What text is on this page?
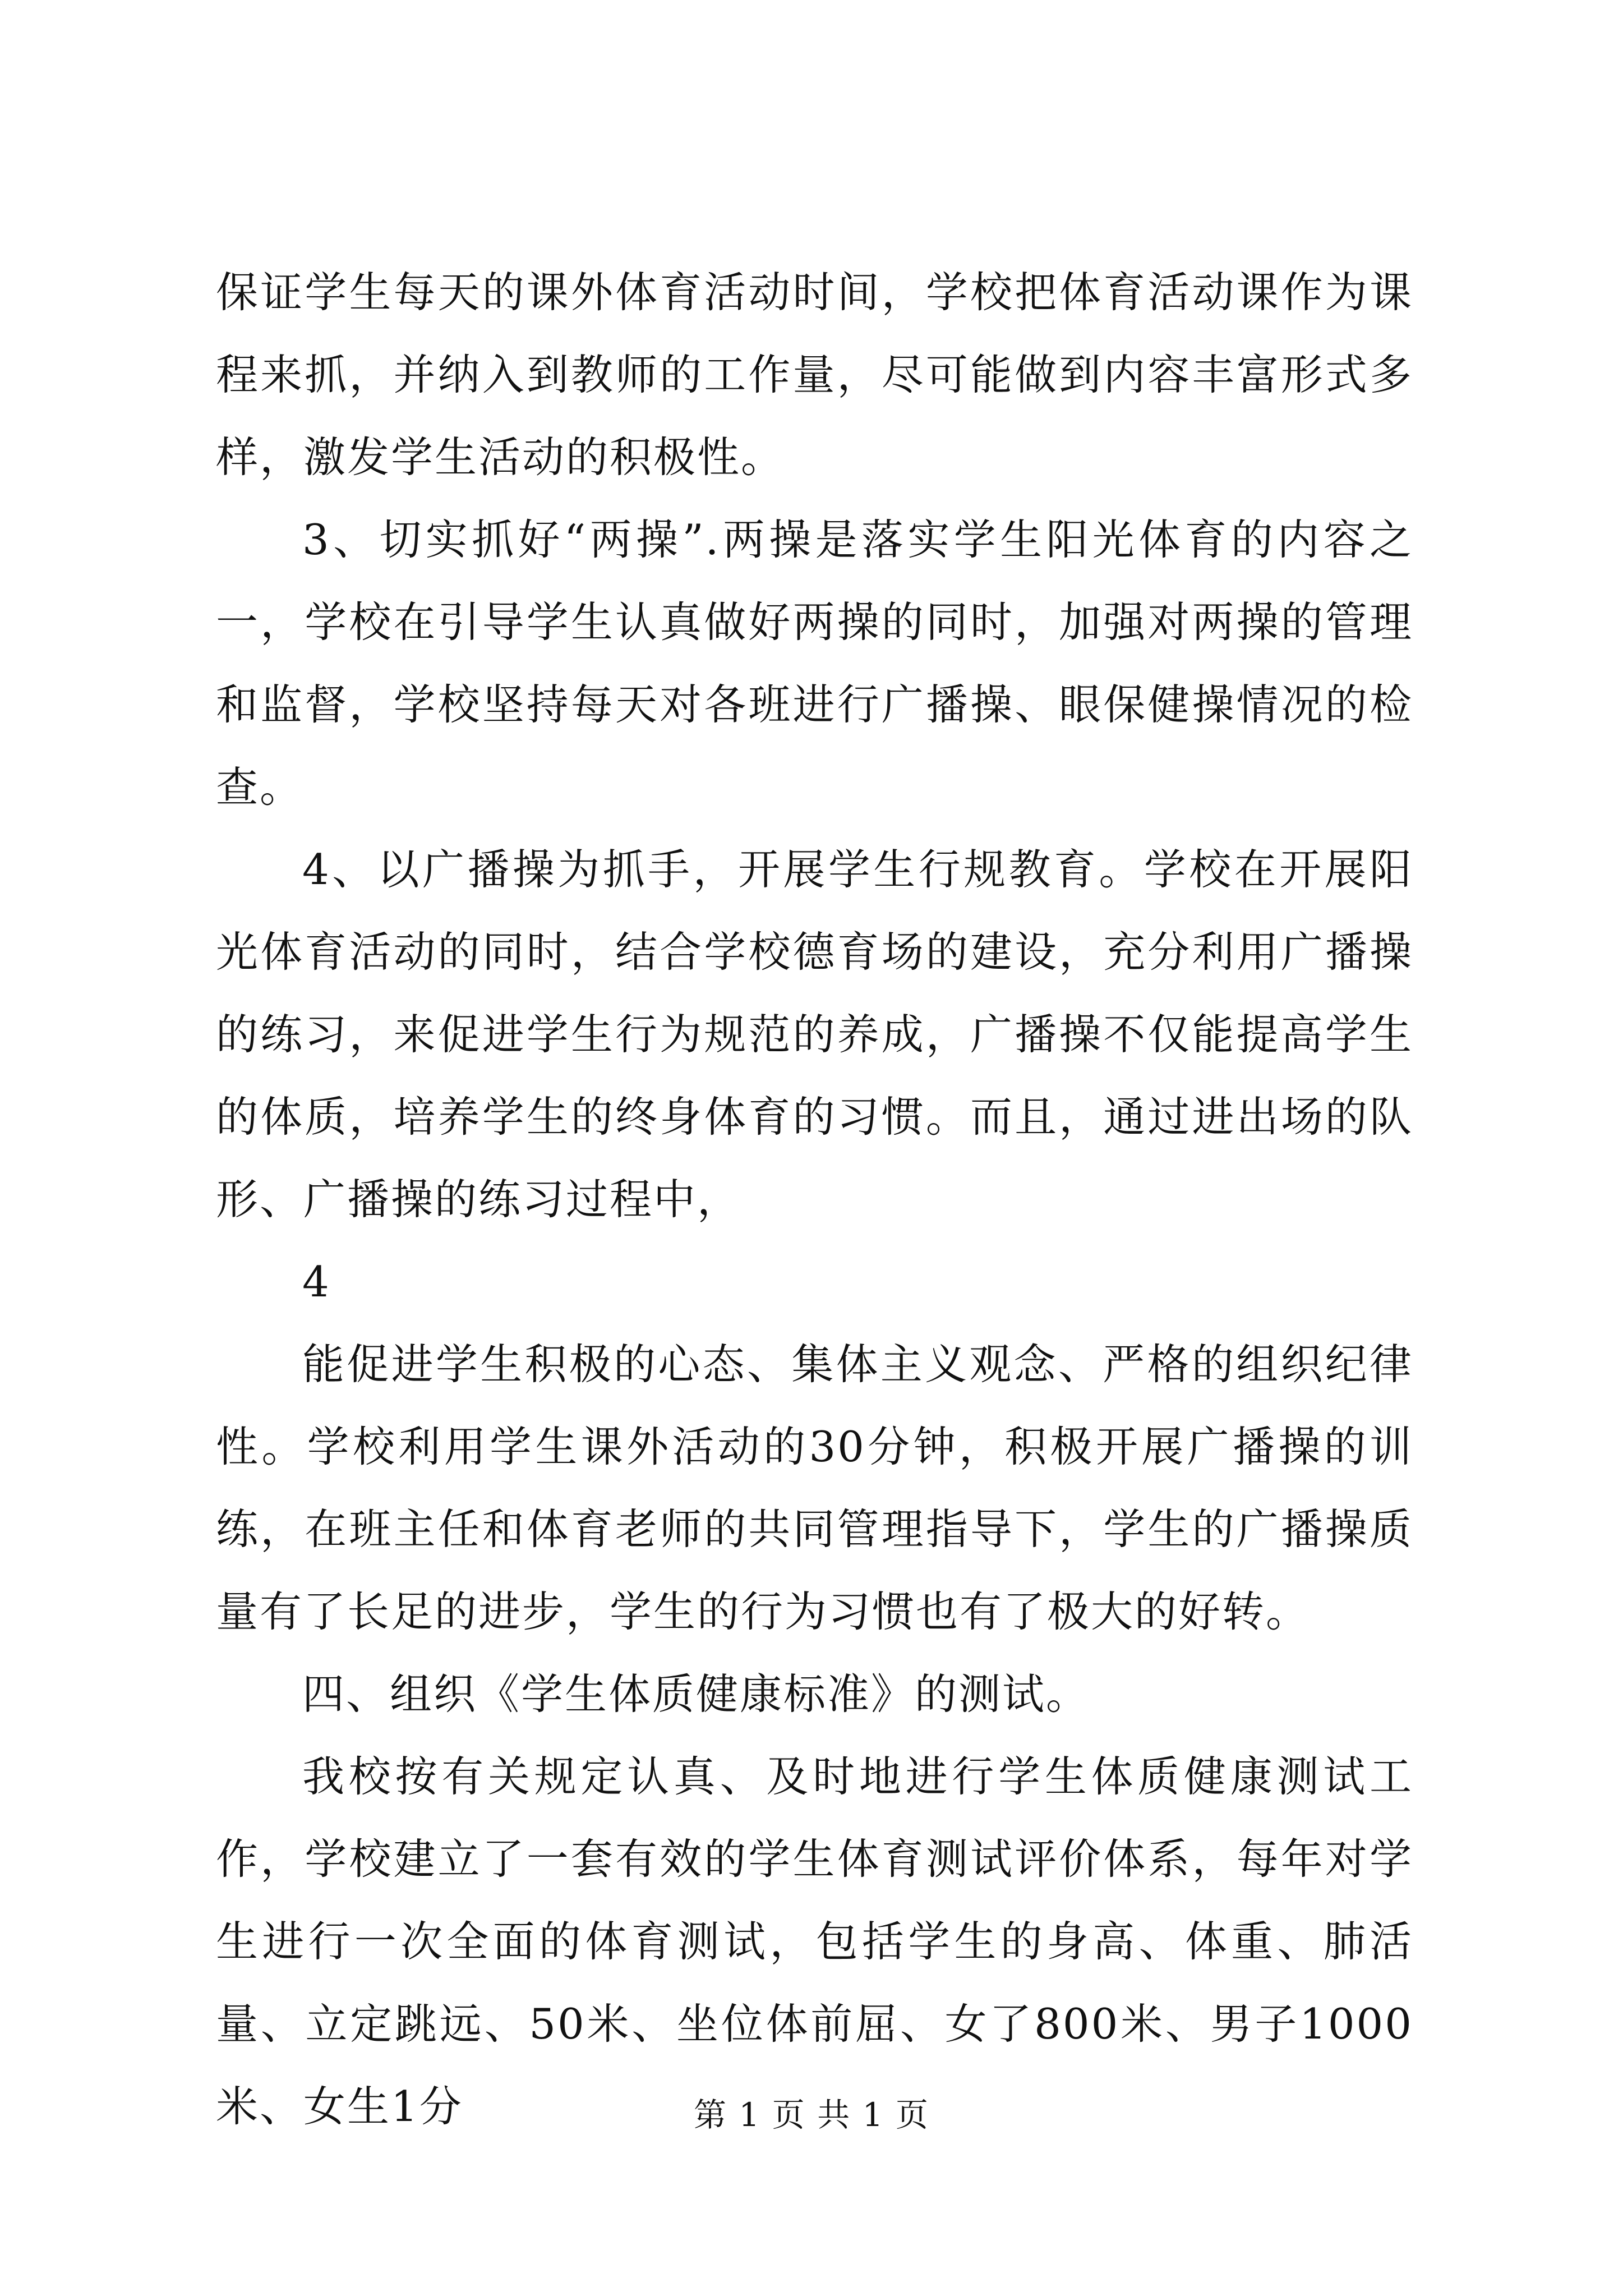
保证学生每天的课外体育活动时间，学校把体育活动课作为课程来抓，并纳入到教师的工作量，尽可能做到内容丰富形式多样，激发学生活动的积极性。

3、切实抓好“两操”.两操是落实学生阳光体育的内容之一，学校在引导学生认真做好两操的同时，加强对两操的管理和监督，学校坚持每天对各班进行广播操、眼保健操情况的检查。

4、以广播操为抓手，开展学生行规教育。学校在开展阳光体育活动的同时，结合学校德育场的建设，充分利用广播操的练习，来促进学生行为规范的养成，广播操不仅能提高学生的体质，培养学生的终身体育的习惯。而且，通过进出场的队形、广播操的练习过程中，

4

能促进学生积极的心态、集体主义观念、严格的组织纪律性。学校利用学生课外活动的30分钟，积极开展广播操的训练，在班主任和体育老师的共同管理指导下，学生的广播操质量有了长足的进步，学生的行为习惯也有了极大的好转。

四、组织《学生体质健康标准》的测试。

我校按有关规定认真、及时地进行学生体质健康测试工作，学校建立了一套有效的学生体育测试评价体系，每年对学生进行一次全面的体育测试，包括学生的身高、体重、肺活量、立定跳远、50米、坐位体前屈、女了800米、男子1000米、女生1分	第 1 页 共 1 页
